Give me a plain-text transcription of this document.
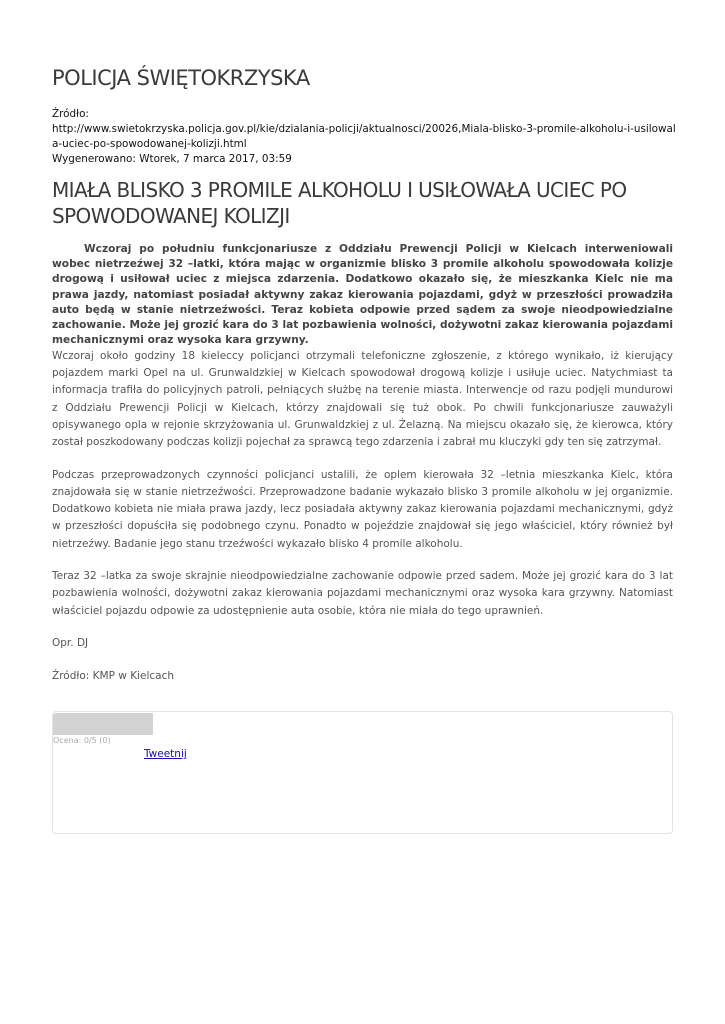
POLICJA ŚWIĘTOKRZYSKA
Źródło:
http://www.swietokrzyska.policja.gov.pl/kie/dzialania-policji/aktualnosci/20026,Miala-blisko-3-promile-alkoholu-i-usilowala-uciec-po-spowodowanej-kolizji.html
Wygenerowano: Wtorek, 7 marca 2017, 03:59
MIAŁA BLISKO 3 PROMILE ALKOHOLU I USIŁOWAŁA UCIEC PO SPOWODOWANEJ KOLIZJI

Wczoraj po południu funkcjonariusze z Oddziału Prewencji Policji w Kielcach interweniowali wobec nietrzeźwej 32 –latki, która mając w organizmie blisko 3 promile alkoholu spowodowała kolizje drogową i usiłował uciec z miejsca zdarzenia. Dodatkowo okazało się, że mieszkanka Kielc nie ma prawa jazdy, natomiast posiadał aktywny zakaz kierowania pojazdami, gdyż w przeszłości prowadziła auto będą w stanie nietrzeźwości. Teraz kobieta odpowie przed sądem za swoje nieodpowiedzialne zachowanie. Może jej grozić kara do 3 lat pozbawienia wolności, dożywotni zakaz kierowania pojazdami mechanicznymi oraz wysoka kara grzywny.

Wczoraj około godziny 18 kieleccy policjanci otrzymali telefoniczne zgłoszenie, z którego wynikało, iż kierujący pojazdem marki Opel na ul. Grunwaldzkiej w Kielcach spowodował drogową kolizje i usiłuje uciec. Natychmiast ta informacja trafiła do policyjnych patroli, pełniących służbę na terenie miasta. Interwencje od razu podjęli mundurowi z Oddziału Prewencji Policji w Kielcach, którzy znajdowali się tuż obok. Po chwili funkcjonariusze zauważyli opisywanego opla w rejonie skrzyżowania ul. Grunwaldzkiej z ul. Żelazną. Na miejscu okazało się, że kierowca, który został poszkodowany podczas kolizji pojechał za sprawcą tego zdarzenia i zabrał mu kluczyki gdy ten się zatrzymał.

Podczas przeprowadzonych czynności policjanci ustalili, że oplem kierowała 32 –letnia mieszkanka Kielc, która znajdowała się w stanie nietrzeźwości. Przeprowadzone badanie wykazało blisko 3 promile alkoholu w jej organizmie. Dodatkowo kobieta nie miała prawa jazdy, lecz posiadała aktywny zakaz kierowania pojazdami mechanicznymi, gdyż w przeszłości dopuściła się podobnego czynu. Ponadto w pojeździe znajdował się jego właściciel, który również był nietrzeźwy. Badanie jego stanu trzeźwości wykazało blisko 4 promile alkoholu.

Teraz 32 –latka za swoje skrajnie nieodpowiedzialne zachowanie odpowie przed sadem. Może jej grozić kara do 3 lat pozbawienia wolności, dożywotni zakaz kierowania pojazdami mechanicznymi oraz wysoka kara grzywny. Natomiast właściciel pojazdu odpowie za udostępnienie auta osobie, która nie miała do tego uprawnień.

Opr. DJ

Źródło: KMP w Kielcach

Ocena: 0/5 (0)
Tweetnij
